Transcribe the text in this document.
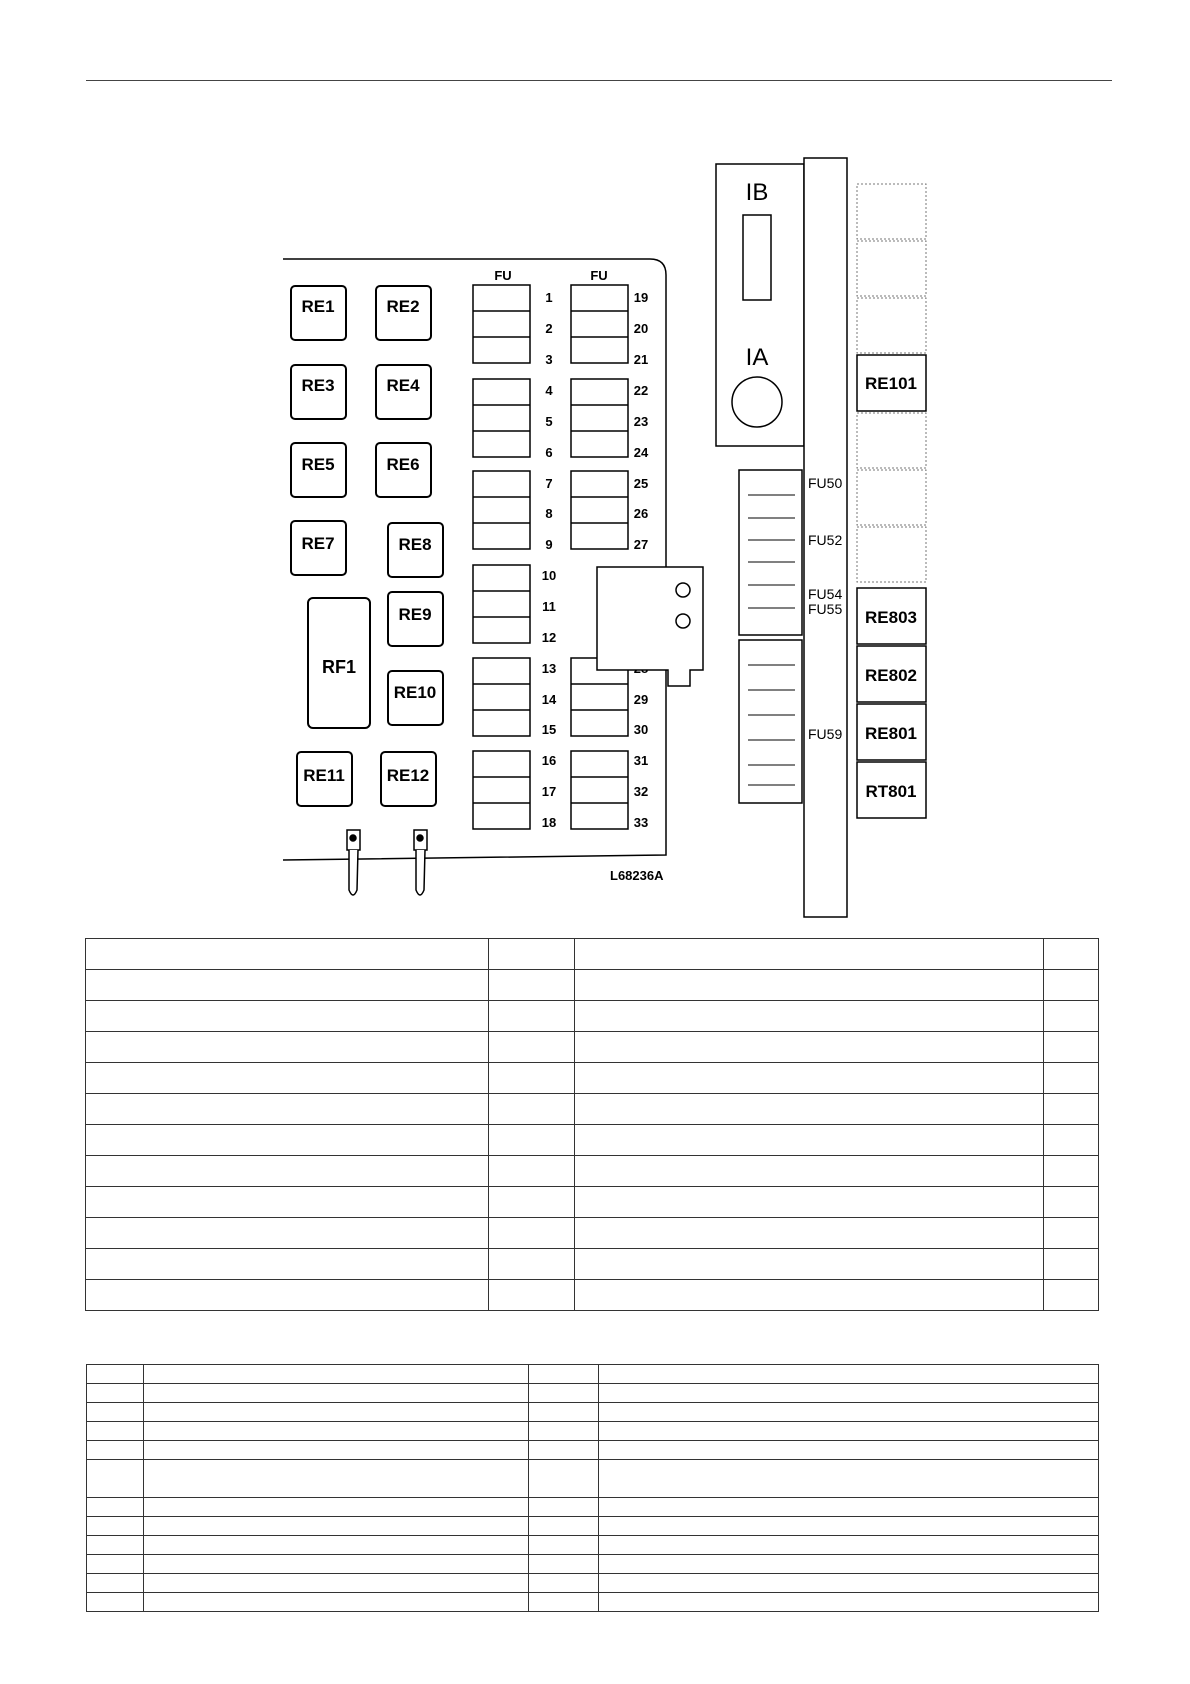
RE1	RE2
RE3	RE4
RE5	RE6
RE7	RE8
RE9
RE10
RE11 RE12
RF1
FU	FU
1
2
3
4
5
6
7
8
9
10
11
12
13
14
15
16
17
18
19
20
21
22
23
24
25
26
27
29
30
31
32
33
L68236A
IB
IA
FU50
FU52
FU54
FU55
FU59
RE101
RE803
RE802
RE801
RT801
